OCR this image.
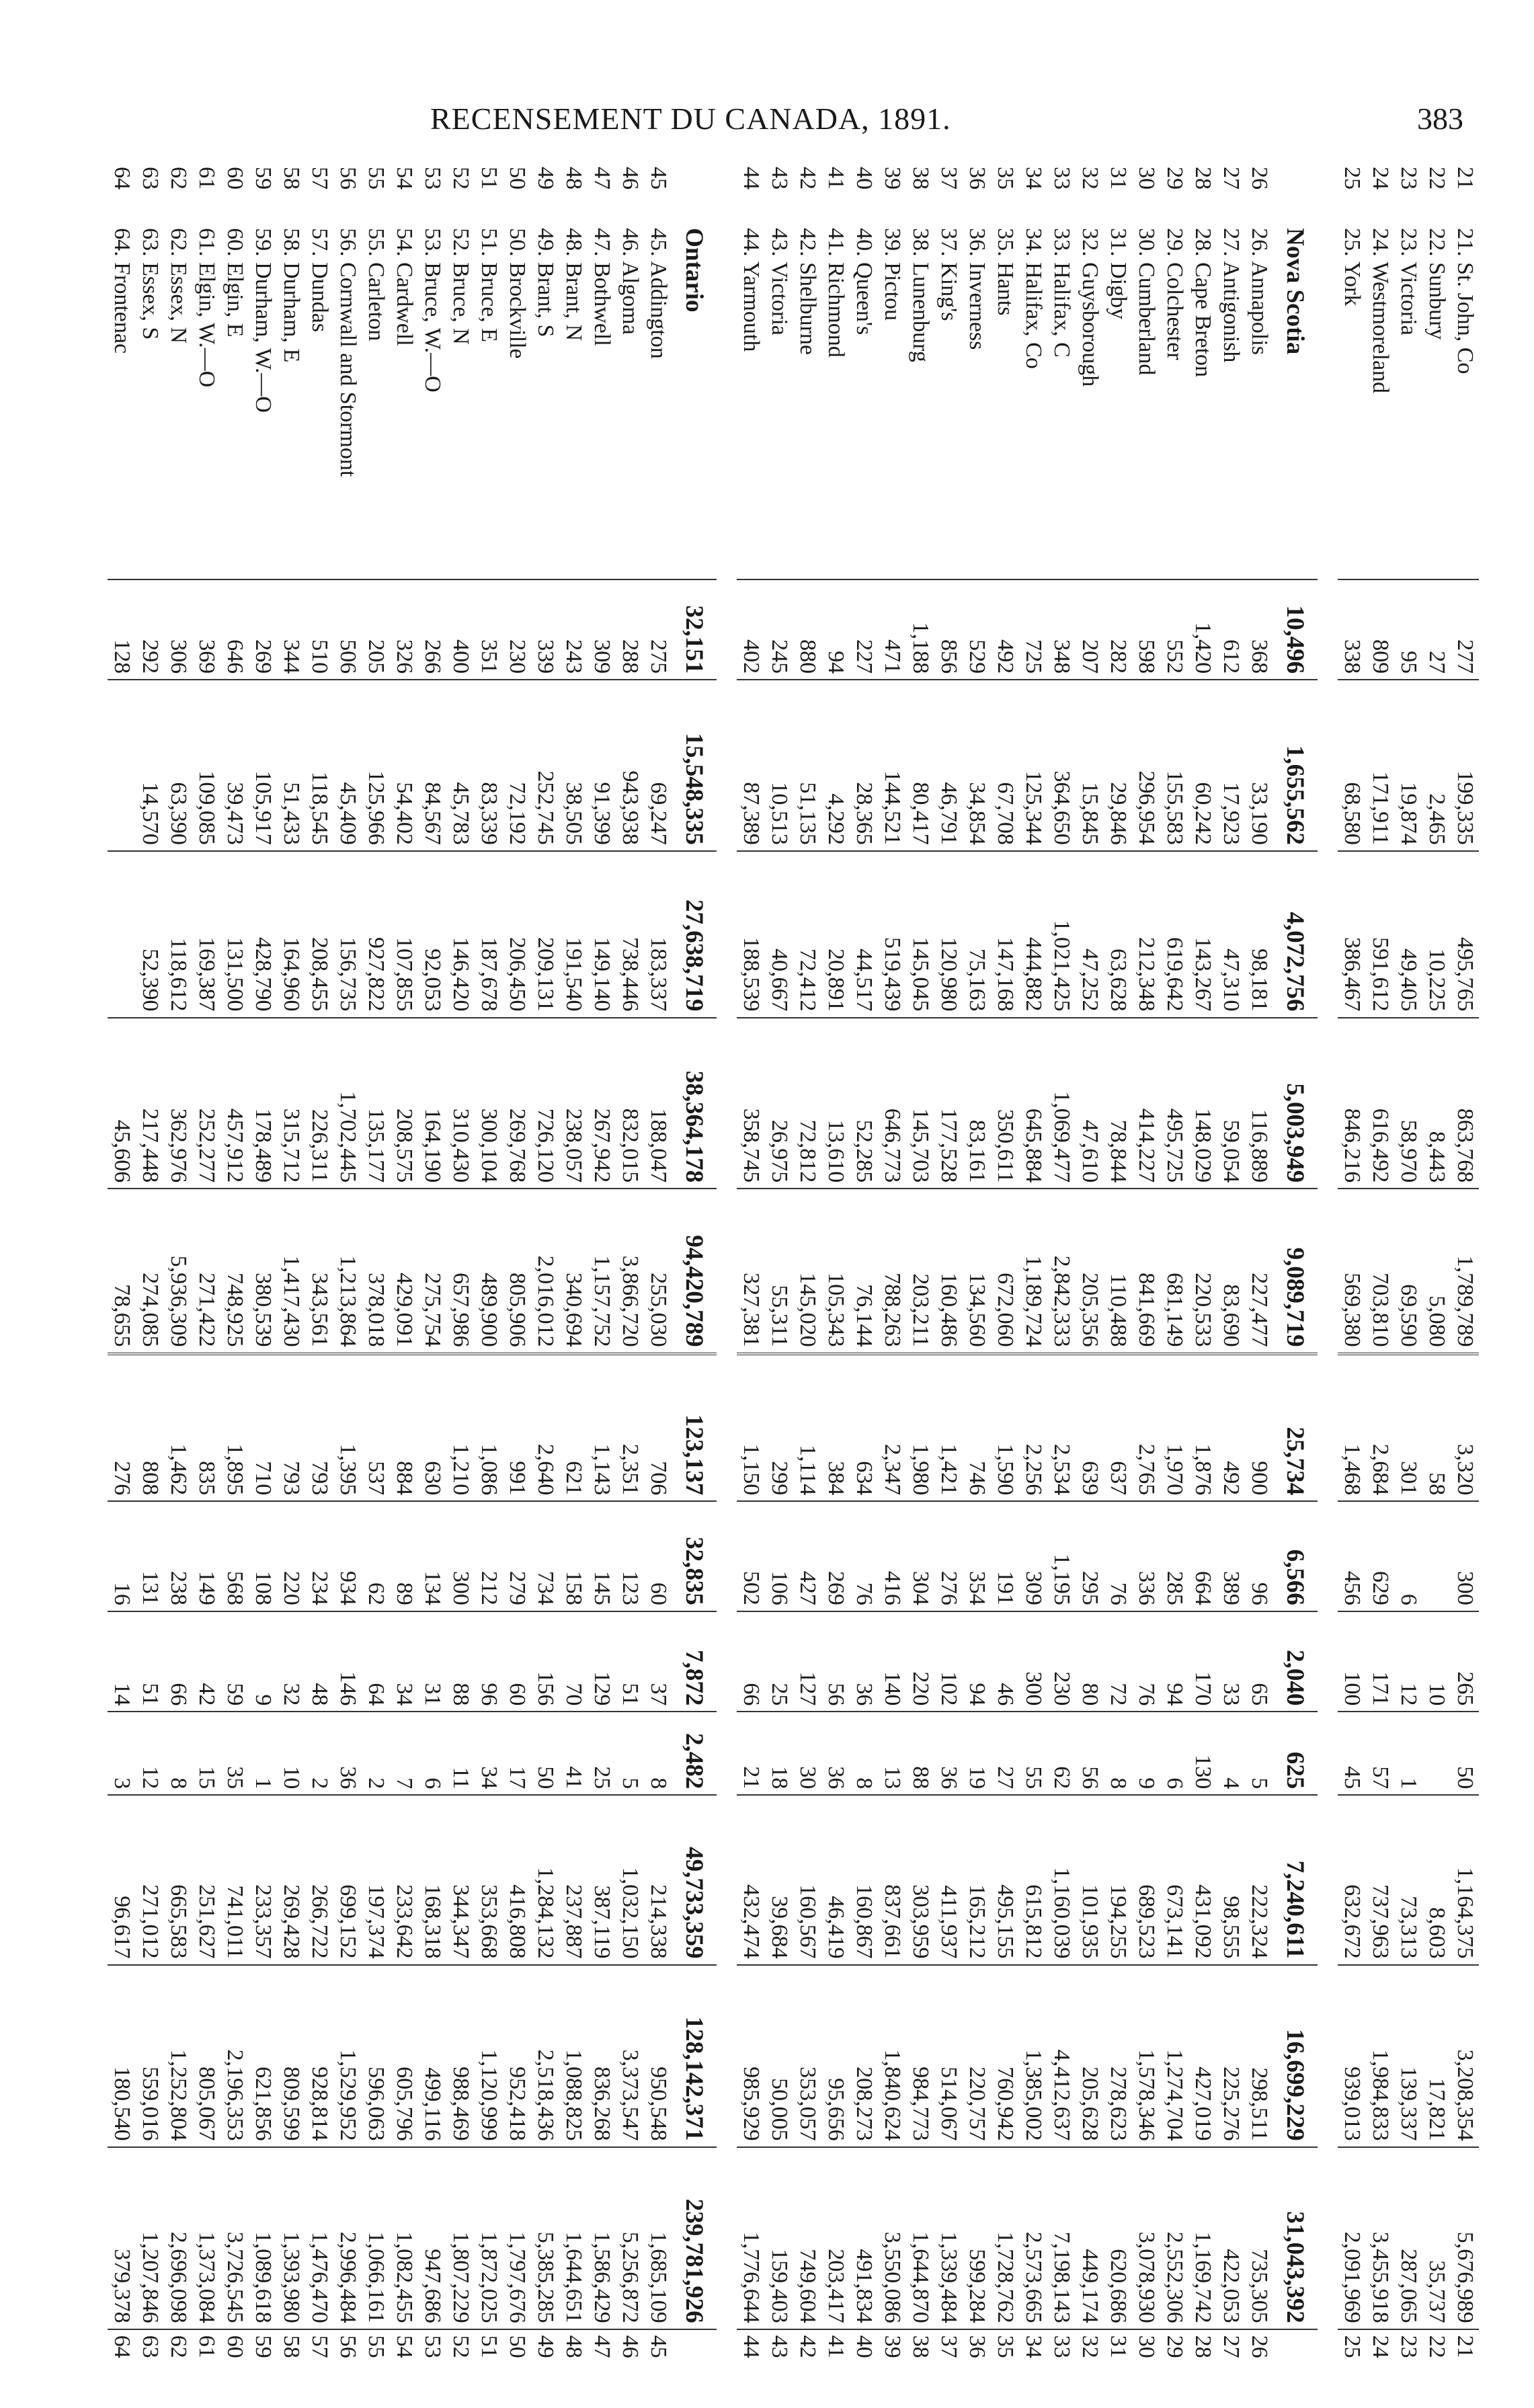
RECENSEMENT DU CANADA, 1891.	383
21	21. St. John, Co	277	199,335	495,765	863,768	1,789,789	3,320	300	265	50	1,164,375	3,208,354	5,676,989	21
22	22. Sunbury	27	2,465	10,225	8,443	5,080	58		10		8,603	17,821	35,737	22
23	23. Victoria	95	19,874	49,405	58,970	69,590	301	6	12	1	73,313	139,337	287,065	23
24	24. Westmoreland	809	171,911	591,612	616,492	703,810	2,684	629	171	57	737,963	1,984,833	3,455,918	24
25	25. York	338	68,580	386,467	846,216	569,380	1,468	456	100	45	632,672	939,013	2,091,969	25

	Nova Scotia	10,496	1,655,562	4,072,756	5,003,949	9,089,719	25,734	6,566	2,040	625	7,240,611	16,699,229	31,043,392	
26	26. Annapolis	368	33,190	98,181	116,889	227,477	900	96	65	5	222,324	298,511	735,305	26
27	27. Antigonish	612	17,923	47,310	59,054	83,690	492	389	33	4	98,555	225,276	422,053	27
28	28. Cape Breton	1,420	60,242	143,267	148,029	220,533	1,876	664	170	130	431,092	427,019	1,169,742	28
29	29. Colchester	552	155,583	619,642	495,725	681,149	1,970	285	94	6	673,141	1,274,704	2,552,306	29
30	30. Cumberland	598	296,954	212,348	414,227	841,669	2,765	336	76	9	689,523	1,578,346	3,078,930	30
31	31. Digby	282	29,846	63,628	78,844	110,488	637	76	72	8	194,255	278,623	620,686	31
32	32. Guysborough	207	15,845	47,252	47,610	205,356	639	295	80	56	101,935	205,628	449,174	32
33	33. Halifax, C	348	364,650	1,021,425	1,069,477	2,842,333	2,534	1,195	230	62	1,160,039	4,412,637	7,198,143	33
34	34. Halifax, Co	725	125,344	444,882	645,884	1,189,724	2,256	309	300	55	615,812	1,385,002	2,573,665	34
35	35. Hants	492	67,708	147,168	350,611	672,060	1,590	191	46	27	495,155	760,942	1,728,762	35
36	36. Inverness	529	34,854	75,163	83,161	134,560	746	354	94	19	165,212	220,757	599,284	36
37	37. King's	856	46,791	120,980	177,528	160,486	1,421	276	102	36	411,937	514,067	1,339,484	37
38	38. Lunenburg	1,188	80,417	145,045	145,703	203,211	1,980	304	220	88	303,959	984,773	1,644,870	38
39	39. Pictou	471	144,521	519,439	646,773	788,263	2,347	416	140	13	837,661	1,840,624	3,550,086	39
40	40. Queen's	227	28,365	44,517	52,285	76,144	634	76	36	8	160,867	208,273	491,834	40
41	41. Richmond	94	4,292	20,891	13,610	105,343	384	269	56	36	46,419	95,656	203,417	41
42	42. Shelburne	880	51,135	72,412	72,812	145,020	1,114	427	127	30	160,567	353,057	749,604	42
43	43. Victoria	245	10,513	40,667	26,975	55,311	299	106	25	18	39,684	50,005	159,403	43
44	44. Yarmouth	402	87,389	188,539	358,745	327,381	1,150	502	66	21	432,474	985,929	1,776,644	44

	Ontario	32,151	15,548,335	27,638,719	38,364,178	94,420,789	123,137	32,835	7,872	2,482	49,733,359	128,142,371	239,781,926	
45	45. Addington	275	69,247	183,337	188,047	255,030	706	60	37	8	214,338	950,548	1,685,109	45
46	46. Algoma	288	943,938	738,446	832,015	3,866,720	2,351	123	51	5	1,032,150	3,373,547	5,256,872	46
47	47. Bothwell	309	91,399	149,140	267,942	1,157,752	1,143	145	129	25	387,119	836,268	1,586,429	47
48	48. Brant, N	243	38,505	191,540	238,057	340,694	621	158	70	41	237,887	1,088,825	1,644,651	48
49	49. Brant, S	339	252,745	209,131	726,120	2,016,012	2,640	734	156	50	1,284,132	2,518,436	5,385,285	49
50	50. Brockville	230	72,192	206,450	269,768	805,906	991	279	60	17	416,808	952,418	1,797,676	50
51	51. Bruce, E	351	83,339	187,678	300,104	489,900	1,086	212	96	34	353,668	1,120,999	1,872,025	51
52	52. Bruce, N	400	45,783	146,420	310,430	657,986	1,210	300	88	11	344,347	988,469	1,807,229	52
53	53. Bruce, W.—O	266	84,567	92,053	164,190	275,754	630	134	31	6	168,318	499,116	947,686	53
54	54. Cardwell	326	54,402	107,855	208,575	429,091	884	89	34	7	233,642	605,796	1,082,455	54
55	55. Carleton	205	125,966	927,822	135,177	378,018	537	62	64	2	197,374	596,063	1,066,161	55
56	56. Cornwall and Stormont	506	45,409	156,735	1,702,445	1,213,864	1,395	934	146	36	699,152	1,529,952	2,996,484	56
57	57. Dundas	510	118,545	208,455	226,311	343,561	793	234	48	2	266,722	928,814	1,476,470	57
58	58. Durham, E	344	51,433	164,960	315,712	1,417,430	793	220	32	10	269,428	809,599	1,393,980	58
59	59. Durham, W.—O	269	105,917	428,790	178,489	380,539	710	108	9	1	233,357	621,856	1,089,618	59
60	60. Elgin, E	646	39,473	131,500	457,912	748,925	1,895	568	59	35	741,011	2,196,353	3,726,545	60
61	61. Elgin, W.—O	369	109,085	169,387	252,277	271,422	835	149	42	15	251,627	805,067	1,373,084	61
62	62. Essex, N	306	63,390	118,612	362,976	5,936,309	1,462	238	66	8	665,583	1,252,804	2,696,098	62
63	63. Essex, S	292	14,570	52,390	217,448	274,085	808	131	51	12	271,012	559,016	1,207,846	63
64	64. Frontenac	128			45,606	78,655	276	16	14	3	96,617	180,540	379,378	64
